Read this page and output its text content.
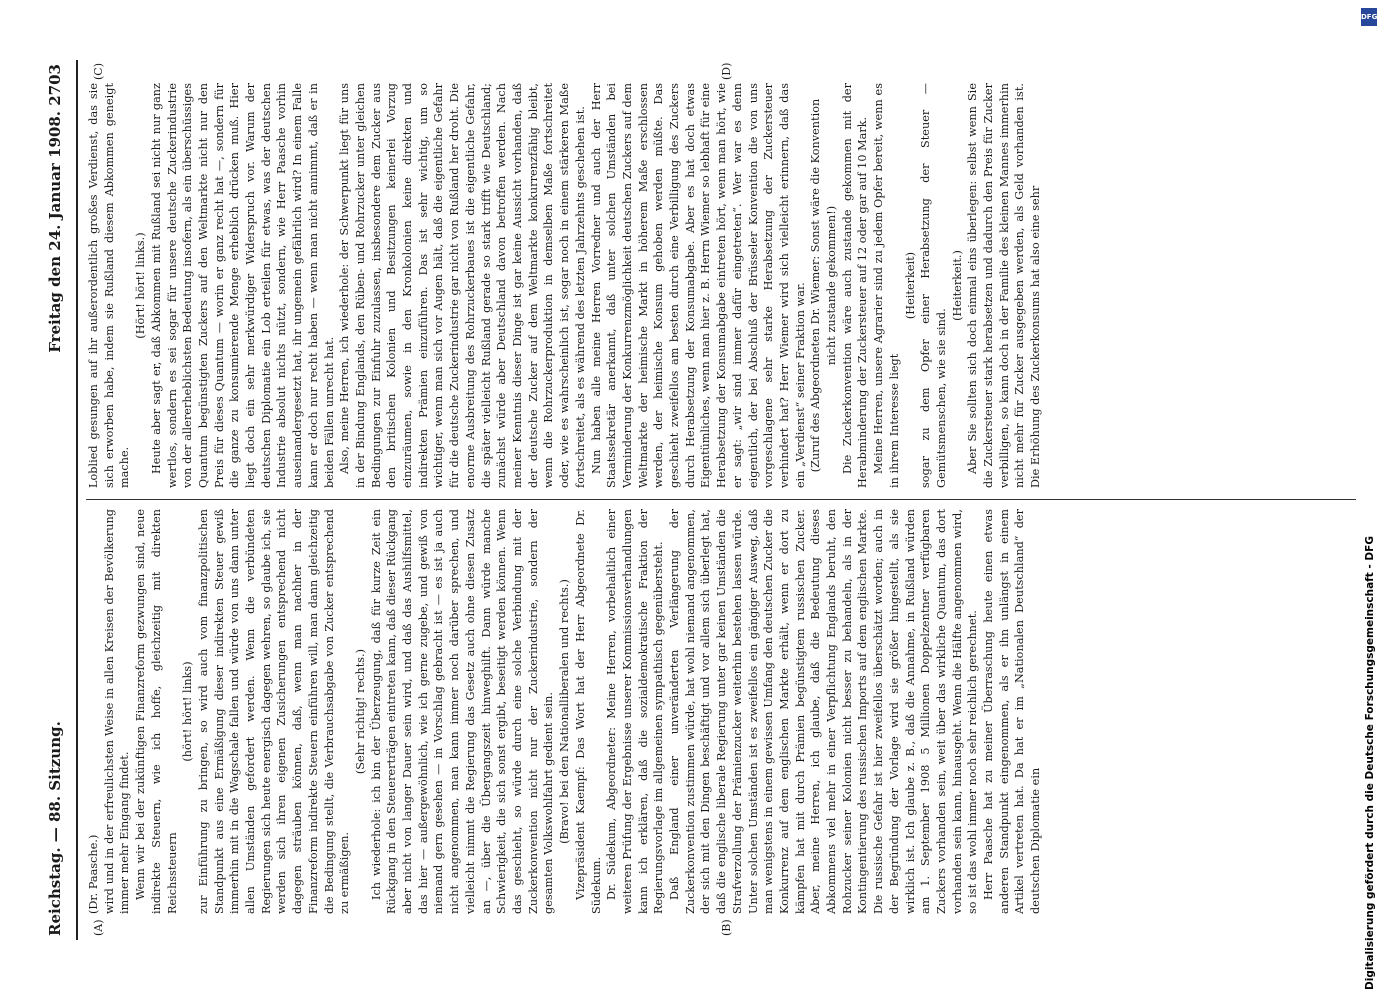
Reichstag. — 88. Sitzung.
Freitag den 24. Januar 1908. 2703
(A)	(B)
(C)	(D)

(Dr. Paasche.) wird und in der erfreulichsten Weise in allen Kreisen der Bevölkerung immer mehr Eingang findet. Wenn wir bei der zukünftigen Finanzreform gezwungen sind, neue indirekte Steuern, wie ich hoffe, gleichzeitig mit direkten Reichssteuern

(hört! hört! links) zur Einführung zu bringen, so wird auch vom finanzpolitischen Standpunkt aus eine Ermäßigung dieser indirekten Steuer gewiß immerhin mit in die Wagschale fallen und würde von uns dann unter allen Umständen gefordert werden. Wenn die verbündeten Regierungen sich heute energisch dagegen wehren, so glaube ich, sie werden sich ihren eigenen Zusicherungen entsprechend nicht dagegen sträuben können, daß, wenn man nachher in der Finanzreform indirekte Steuern einführen will, man dann gleichzeitig die Bedingung stellt, die Verbrauchsabgabe von Zucker entsprechend zu ermäßigen.

(Sehr richtig! rechts.) Ich wiederhole: ich bin der Überzeugung, daß für kurze Zeit ein Rückgang in den Steuererträgen eintreten kann, daß dieser Rückgang aber nicht von langer Dauer sein wird, und daß das Aushilfsmittel, das hier — außergewöhnlich, wie ich gerne zugebe, und gewiß von niemand gern gesehen — in Vorschlag gebracht ist — es ist ja auch nicht angenommen, man kann immer noch darüber sprechen, und vielleicht nimmt die Regierung das Gesetz auch ohne diesen Zusatz an —, über die Übergangszeit hinweghilft. Dann würde manche Schwierigkeit, die sich sonst ergibt, beseitigt werden können. Wenn das geschieht, so würde durch eine solche Verbindung mit der Zuckerkonvention nicht nur der Zuckerindustrie, sondern der gesamten Volkswohlfahrt gedient sein. (Bravo! bei den Nationalliberalen und rechts.) Vizepräsident Kaempf: Das Wort hat der Herr Abgeordnete Dr. Südekum. Dr. Südekum, Abgeordneter: Meine Herren, vorbehaltlich einer weiteren Prüfung der Ergebnisse unserer Kommissionsverhandlungen kann ich erklären, daß die sozialdemokratische Fraktion der Regierungsvorlage im allgemeinen sympathisch gegenübersteht. Daß England einer unveränderten Verlängerung der Zuckerkonvention zustimmen würde, hat wohl niemand angenommen, der sich mit den Dingen beschäftigt und vor allem sich überlegt hat, daß die englische liberale Regierung unter gar keinen Umständen die Strafverzollung der Prämienzucker weiterhin bestehen lassen würde. Unter solchen Umständen ist es zweifellos ein gängiger Ausweg, daß man wenigstens in einem gewissen Umfang den deutschen Zucker die Konkurrenz auf dem englischen Markte erhält, wenn er dort zu kämpfen hat mit durch Prämien begünstigtem russischen Zucker. Aber, meine Herren, ich glaube, daß die Bedeutung dieses Abkommens viel mehr in einer Verpflichtung Englands beruht, den Rohzucker seiner Kolonien nicht besser zu behandeln, als in der Kontingentierung des russischen Imports auf dem englischen Markte. Die russische Gefahr ist hier zweifellos überschätzt worden; auch in der Begründung der Vorlage wird sie größer hingestellt, als sie wirklich ist. Ich glaube z. B., daß die Annahme, in Rußland würden am 1. September 1908 5 Millionen Doppelzentner verfügbaren Zuckers vorhanden sein, weit über das wirkliche Quantum, das dort vorhanden sein kann, hinausgeht. Wenn die Hälfte angenommen wird, so ist das wohl immer noch sehr reichlich gerechnet. Herr Paasche hat zu meiner Überraschung heute einen etwas anderen Standpunkt eingenommen, als er ihn unlängst in einem Artikel vertreten hat. Da hat er im „Nationalen Deutschland“ der deutschen Diplomatie ein

Loblied gesungen auf ihr außerordentlich großes Verdienst, das sie sich erworben habe, indem sie Rußland diesem Abkommen geneigt mache.

(Hört! hört! links.) Heute aber sagt er, daß Abkommen mit Rußland sei nicht nur ganz wertlos, sondern es sei sogar für unsere deutsche Zuckerindustrie von der allererheblichsten Bedeutung insofern, als ein überschüssiges Quantum begünstigten Zuckers auf den Weltmarkte nicht nur den Preis für dieses Quantum — worin er ganz recht hat —, sondern für die ganze zu konsumierende Menge erheblich drücken muß. Hier liegt doch ein sehr merkwürdiger Widerspruch vor. Warum der deutschen Diplomatie ein Lob erteilen für etwas, was der deutschen Industrie absolut nichts nützt, sondern, wie Herr Paasche vorhin auseinandergesetzt hat, ihr ungemein gefährlich wird? In einem Falle kann er doch nur recht haben — wenn man nicht annimmt, daß er in beiden Fällen unrecht hat. Also, meine Herren, ich wiederhole: der Schwerpunkt liegt für uns in der Bindung Englands, den Rüben- und Rohrzucker unter gleichen Bedingungen zur Einfuhr zuzulassen, insbesondere dem Zucker aus den britischen Kolonien und Besitzungen keinerlei Vorzug einzuräumen, sowie in den Kronkolonien keine direkten und indirekten Prämien einzuführen. Das ist sehr wichtig, um so wichtiger, wenn man sich vor Augen hält, daß die eigentliche Gefahr für die deutsche Zuckerindustrie gar nicht von Rußland her droht. Die enorme Ausbreitung des Rohrzuckerbaues ist die eigentliche Gefahr, die später vielleicht Rußland gerade so stark trifft wie Deutschland; zunächst würde aber Deutschland davon betroffen werden. Nach meiner Kenntnis dieser Dinge ist gar keine Aussicht vorhanden, daß der deutsche Zucker auf dem Weltmarkte konkurrenzfähig bleibt, wenn die Rohrzuckerproduktion in demselben Maße fortschreitet oder, wie es wahrscheinlich ist, sogar noch in einem stärkeren Maße fortschreitet, als es während des letzten Jahrzehnts geschehen ist. Nun haben alle meine Herren Vorredner und auch der Herr Staatssekretär anerkannt, daß unter solchen Umständen bei Verminderung der Konkurrenzmöglichkeit deutschen Zuckers auf dem Weltmarkte der heimische Markt in höherem Maße erschlossen werden, der heimische Konsum gehoben werden müßte. Das geschieht zweifellos am besten durch eine Verbilligung des Zuckers durch Herabsetzung der Konsumabgabe. Aber es hat doch etwas Eigentümliches, wenn man hier z. B. Herrn Wiemer so lebhaft für eine Herabsetzung der Konsumabgabe eintreten hört, wenn man hört, wie er sagt: „wir sind immer dafür eingetreten“. Wer war es denn eigentlich, der bei Abschluß der Brüsseler Konvention die von uns vorgeschlagene sehr starke Herabsetzung der Zuckersteuer verhindert hat? Herr Wiemer wird sich vielleicht erinnern, daß das ein „Verdienst“ seiner Fraktion war. (Zuruf des Abgeordneten Dr. Wiemer: Sonst wäre die Konvention nicht zustande gekommen!) Die Zuckerkonvention wäre auch zustande gekommen mit der Herabminderung der Zuckersteuer auf 12 oder gar auf 10 Mark. Meine Herren, unsere Agrarier sind zu jedem Opfer bereit, wenn es in ihrem Interesse liegt

(Heiterkeit) sogar zu dem Opfer einer Herabsetzung der Steuer — Gemütsmenschen, wie sie sind.

(Heiterkeit.) Aber Sie sollten sich doch einmal eins überlegen: selbst wenn Sie die Zuckersteuer stark herabsetzen und dadurch den Preis für Zucker verbilligen, so kann doch in der Familie des kleinen Mannes immerhin nicht mehr für Zucker ausgegeben werden, als Geld vorhanden ist. Die Erhöhung des Zuckerkonsums hat also eine sehr

DFG
Digitalisierung gefördert durch die Deutsche Forschungsgemeinschaft - DFG
